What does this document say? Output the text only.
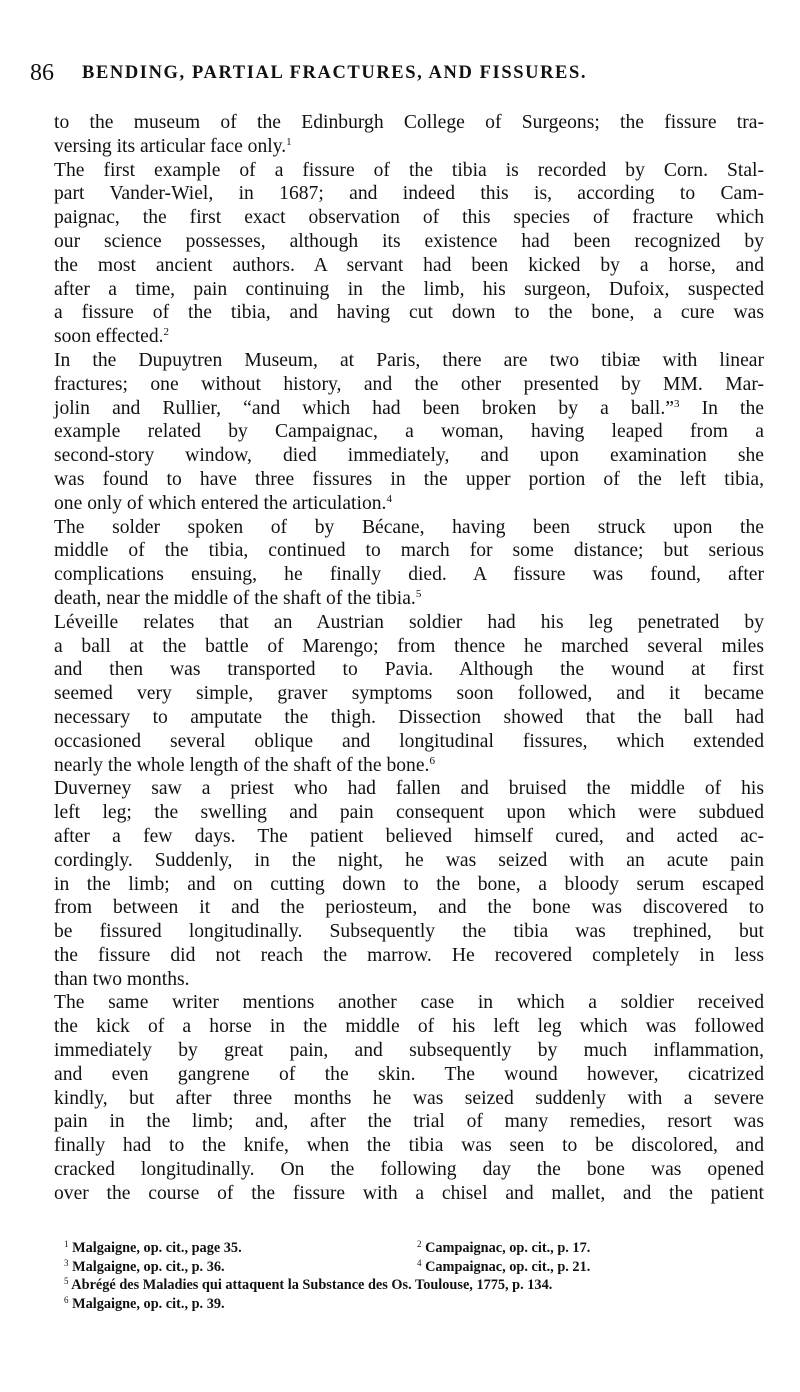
86 BENDING, PARTIAL FRACTURES, AND FISSURES.
to the museum of the Edinburgh College of Surgeons; the fissure tra-
versing its articular face only.$^1$
The first example of a fissure of the tibia is recorded by Corn. Stal-
part Vander-Wiel, in 1687; and indeed this is, according to Cam-
paignac, the first exact observation of this species of fracture which
our science possesses, although its existence had been recognized by
the most ancient authors. A servant had been kicked by a horse, and
after a time, pain continuing in the limb, his surgeon, Dufoix, suspected
a fissure of the tibia, and having cut down to the bone, a cure was
soon effected.$^2$
In the Dupuytren Museum, at Paris, there are two tibiæ with linear
fractures; one without history, and the other presented by MM. Mar-
jolin and Rullier, “and which had been broken by a ball.”$^3$ In the
example related by Campaignac, a woman, having leaped from a
second-story window, died immediately, and upon examination she
was found to have three fissures in the upper portion of the left tibia,
one only of which entered the articulation.$^4$
The solder spoken of by Bécane, having been struck upon the
middle of the tibia, continued to march for some distance; but serious
complications ensuing, he finally died. A fissure was found, after
death, near the middle of the shaft of the tibia.$^5$
Léveille relates that an Austrian soldier had his leg penetrated by
a ball at the battle of Marengo; from thence he marched several miles
and then was transported to Pavia. Although the wound at first
seemed very simple, graver symptoms soon followed, and it became
necessary to amputate the thigh. Dissection showed that the ball had
occasioned several oblique and longitudinal fissures, which extended
nearly the whole length of the shaft of the bone.$^6$
Duverney saw a priest who had fallen and bruised the middle of his
left leg; the swelling and pain consequent upon which were subdued
after a few days. The patient believed himself cured, and acted ac-
cordingly. Suddenly, in the night, he was seized with an acute pain
in the limb; and on cutting down to the bone, a bloody serum escaped
from between it and the periosteum, and the bone was discovered to
be fissured longitudinally. Subsequently the tibia was trephined, but
the fissure did not reach the marrow. He recovered completely in less
than two months.
The same writer mentions another case in which a soldier received
the kick of a horse in the middle of his left leg which was followed
immediately by great pain, and subsequently by much inflammation,
and even gangrene of the skin. The wound however, cicatrized
kindly, but after three months he was seized suddenly with a severe
pain in the limb; and, after the trial of many remedies, resort was
finally had to the knife, when the tibia was seen to be discolored, and
cracked longitudinally. On the following day the bone was opened
over the course of the fissure with a chisel and mallet, and the patient
$^1$ Malgaigne, op. cit., page 35.	$^2$ Campaignac, op. cit., p. 17.
$^3$ Malgaigne, op. cit., p. 36.	$^4$ Campaignac, op. cit., p. 21.
$^5$ Abrégé des Maladies qui attaquent la Substance des Os. Toulouse, 1775, p. 134.
$^6$ Malgaigne, op. cit., p. 39.
